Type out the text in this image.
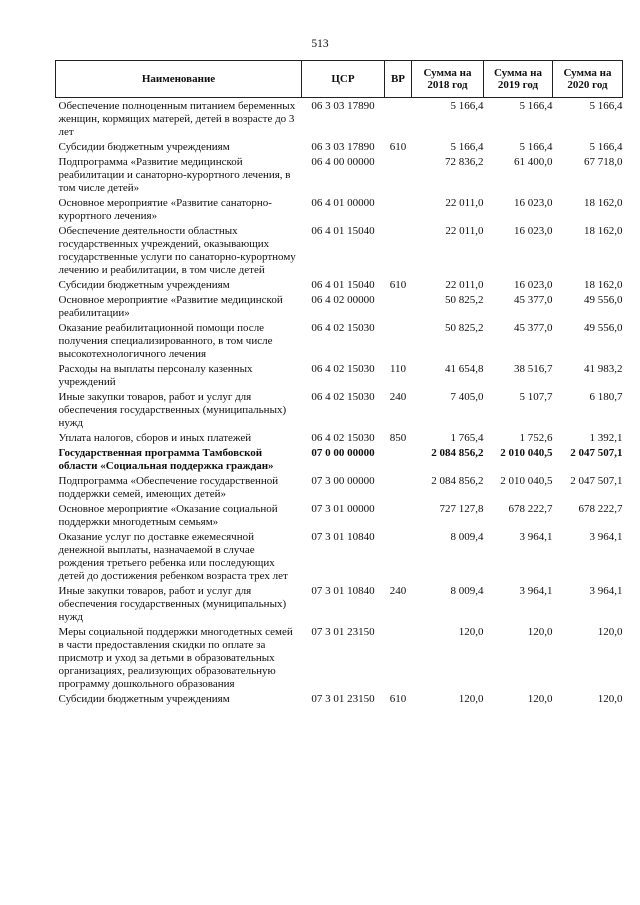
513
Наименование	ЦСР	ВР	Сумма на 2018 год	Сумма на 2019 год	Сумма на 2020 год
Обеспечение полноценным питанием беременных женщин, кормящих матерей, детей в возрасте до 3 лет	06 3 03 17890		5 166,4	5 166,4	5 166,4
Субсидии бюджетным учреждениям	06 3 03 17890	610	5 166,4	5 166,4	5 166,4
Подпрограмма «Развитие медицинской реабилитации и санаторно-курортного лечения, в том числе детей»	06 4 00 00000		72 836,2	61 400,0	67 718,0
Основное мероприятие «Развитие санаторно-курортного лечения»	06 4 01 00000		22 011,0	16 023,0	18 162,0
Обеспечение деятельности областных государственных учреждений, оказывающих государственные услуги по санаторно-курортному лечению и реабилитации, в том числе детей	06 4 01 15040		22 011,0	16 023,0	18 162,0
Субсидии бюджетным учреждениям	06 4 01 15040	610	22 011,0	16 023,0	18 162,0
Основное мероприятие «Развитие медицинской реабилитации»	06 4 02 00000		50 825,2	45 377,0	49 556,0
Оказание реабилитационной помощи после получения специализированного, в том числе высокотехнологичного лечения	06 4 02 15030		50 825,2	45 377,0	49 556,0
Расходы на выплаты персоналу казенных учреждений	06 4 02 15030	110	41 654,8	38 516,7	41 983,2
Иные закупки товаров, работ и услуг для обеспечения государственных (муниципальных) нужд	06 4 02 15030	240	7 405,0	5 107,7	6 180,7
Уплата налогов, сборов и иных платежей	06 4 02 15030	850	1 765,4	1 752,6	1 392,1
Государственная программа Тамбовской области «Социальная поддержка граждан»	07 0 00 00000		2 084 856,2	2 010 040,5	2 047 507,1
Подпрограмма «Обеспечение государственной поддержки семей, имеющих детей»	07 3 00 00000		2 084 856,2	2 010 040,5	2 047 507,1
Основное мероприятие «Оказание социальной поддержки многодетным семьям»	07 3 01 00000		727 127,8	678 222,7	678 222,7
Оказание услуг по доставке ежемесячной денежной выплаты, назначаемой в случае рождения третьего ребенка или последующих детей до достижения ребенком возраста трех лет	07 3 01 10840		8 009,4	3 964,1	3 964,1
Иные закупки товаров, работ и услуг для обеспечения государственных (муниципальных) нужд	07 3 01 10840	240	8 009,4	3 964,1	3 964,1
Меры социальной поддержки многодетных семей в части предоставления скидки по оплате за присмотр и уход за детьми в образовательных организациях, реализующих образовательную программу дошкольного образования	07 3 01 23150		120,0	120,0	120,0
Субсидии бюджетным учреждениям	07 3 01 23150	610	120,0	120,0	120,0
